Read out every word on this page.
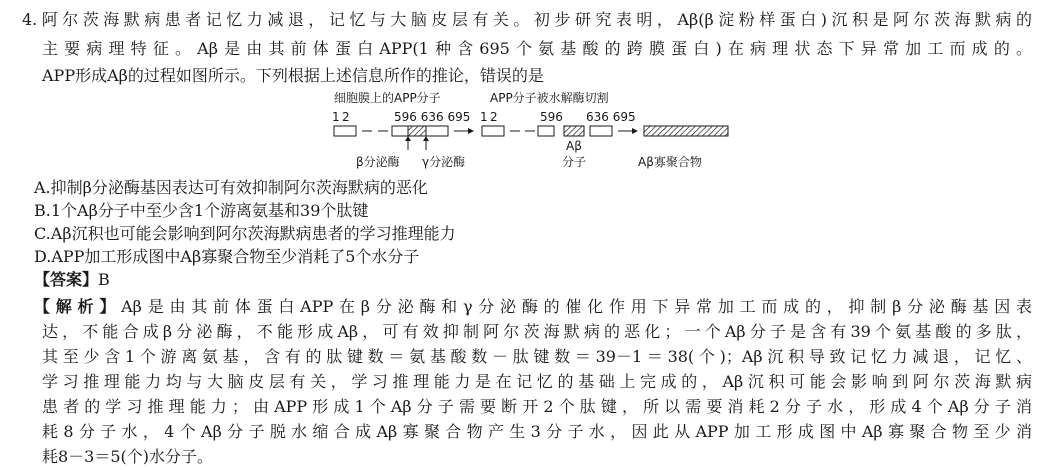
4.阿尔茨海默病患者记忆力减退，记忆与大脑皮层有关。初步研究表明，Aβ(β淀粉样蛋白)沉积是阿尔茨海默病的
主要病理特征。Aβ是由其前体蛋白APP(1种含695个氨基酸的跨膜蛋白)在病理状态下异常加工而成的。
APP形成Aβ的过程如图所示。下列根据上述信息所作的推论，错误的是
细胞膜上的APP分子	APP分子被水解酶切割
1 2	596 636 695
β分泌酶 γ分泌酶
1 2	596 636 695
Aβ
分子	Aβ寡聚合物
A.抑制β分泌酶基因表达可有效抑制阿尔茨海默病的恶化
B.1个Aβ分子中至少含1个游离氨基和39个肽键
C.Aβ沉积也可能会影响到阿尔茨海默病患者的学习推理能力
D.APP加工形成图中Aβ寡聚合物至少消耗了5个水分子
【答案】B
【解析】Aβ是由其前体蛋白APP在β分泌酶和γ分泌酶的催化作用下异常加工而成的，抑制β分泌酶基因表
达，不能合成β分泌酶，不能形成Aβ，可有效抑制阿尔茨海默病的恶化；一个Aβ分子是含有39个氨基酸的多肽，
其至少含1个游离氨基，含有的肽键数＝氨基酸数－肽键数＝39－1＝38(个)；Aβ沉积导致记忆力减退，记忆、
学习推理能力均与大脑皮层有关，学习推理能力是在记忆的基础上完成的，Aβ沉积可能会影响到阿尔茨海默病
患者的学习推理能力；由APP形成1个Aβ分子需要断开2个肽键，所以需要消耗2分子水，形成4个Aβ分子消
耗8分子水，4个Aβ分子脱水缩合成Aβ寡聚合物产生3分子水，因此从APP加工形成图中Aβ寡聚合物至少消
耗8－3＝5(个)水分子。
